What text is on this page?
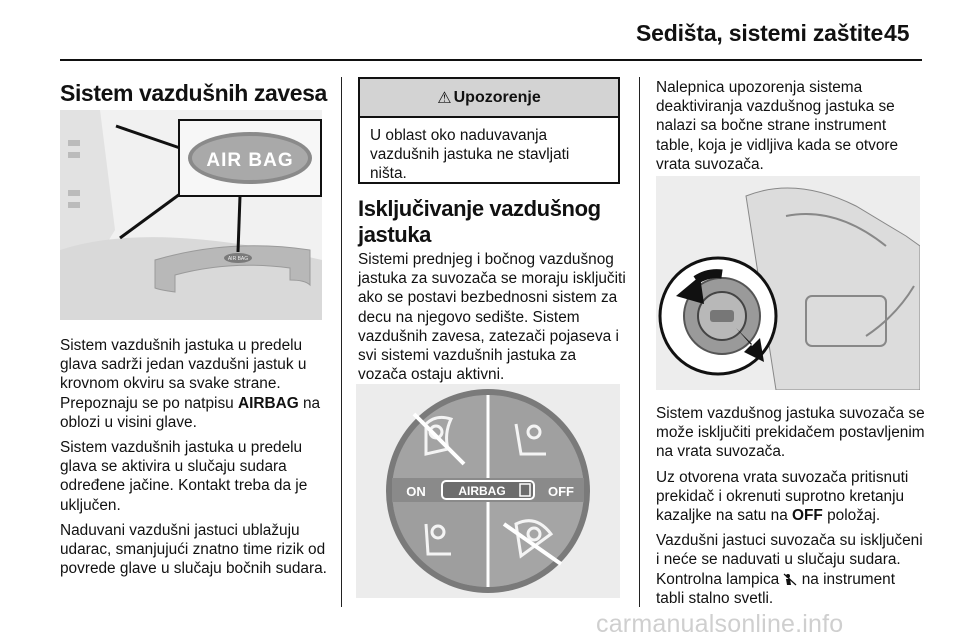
Sedišta, sistemi zaštite 45
Sistem vazdušnih zavesa
AIR BAG
AIR BAG

Sistem vazdušnih jastuka u predelu glava sadrži jedan vazdušni jastuk u krovnom okviru sa svake strane. Prepoznaju se po natpisu AIRBAG na oblozi u visini glave.

Sistem vazdušnih jastuka u predelu glava se aktivira u slučaju sudara određene jačine. Kontakt treba da je uključen.

Naduvani vazdušni jastuci ublažuju udarac, smanjujući znatno time rizik od povrede glave u slučaju bočnih sudara.

⚠ Upozorenje
U oblast oko naduvavanja vazdušnih jastuka ne stavljati ništa.
Isključivanje vazdušnog jastuka

Sistemi prednjeg i bočnog vazdušnog jastuka za suvozača se moraju isključiti ako se postavi bezbednosni sistem za decu na njegovo sedište. Sistem vazdušnih zavesa, zatezači pojaseva i svi sistemi vazdušnih jastuka za vozača ostaju aktivni.

ON	AIRBAG	OFF

Nalepnica upozorenja sistema deaktiviranja vazdušnog jastuka se nalazi sa bočne strane instrument table, koja je vidljiva kada se otvore vrata suvozača.

Sistem vazdušnog jastuka suvozača se može isključiti prekidačem postavljenim na vrata suvozača.

Uz otvorena vrata suvozača pritisnuti prekidač i okrenuti suprotno kretanju kazaljke na satu na OFF položaj.

Vazdušni jastuci suvozača su isključeni i neće se naduvati u slučaju sudara. Kontrolna lampica  na instrument tabli stalno svetli.

carmanualsonline.info
